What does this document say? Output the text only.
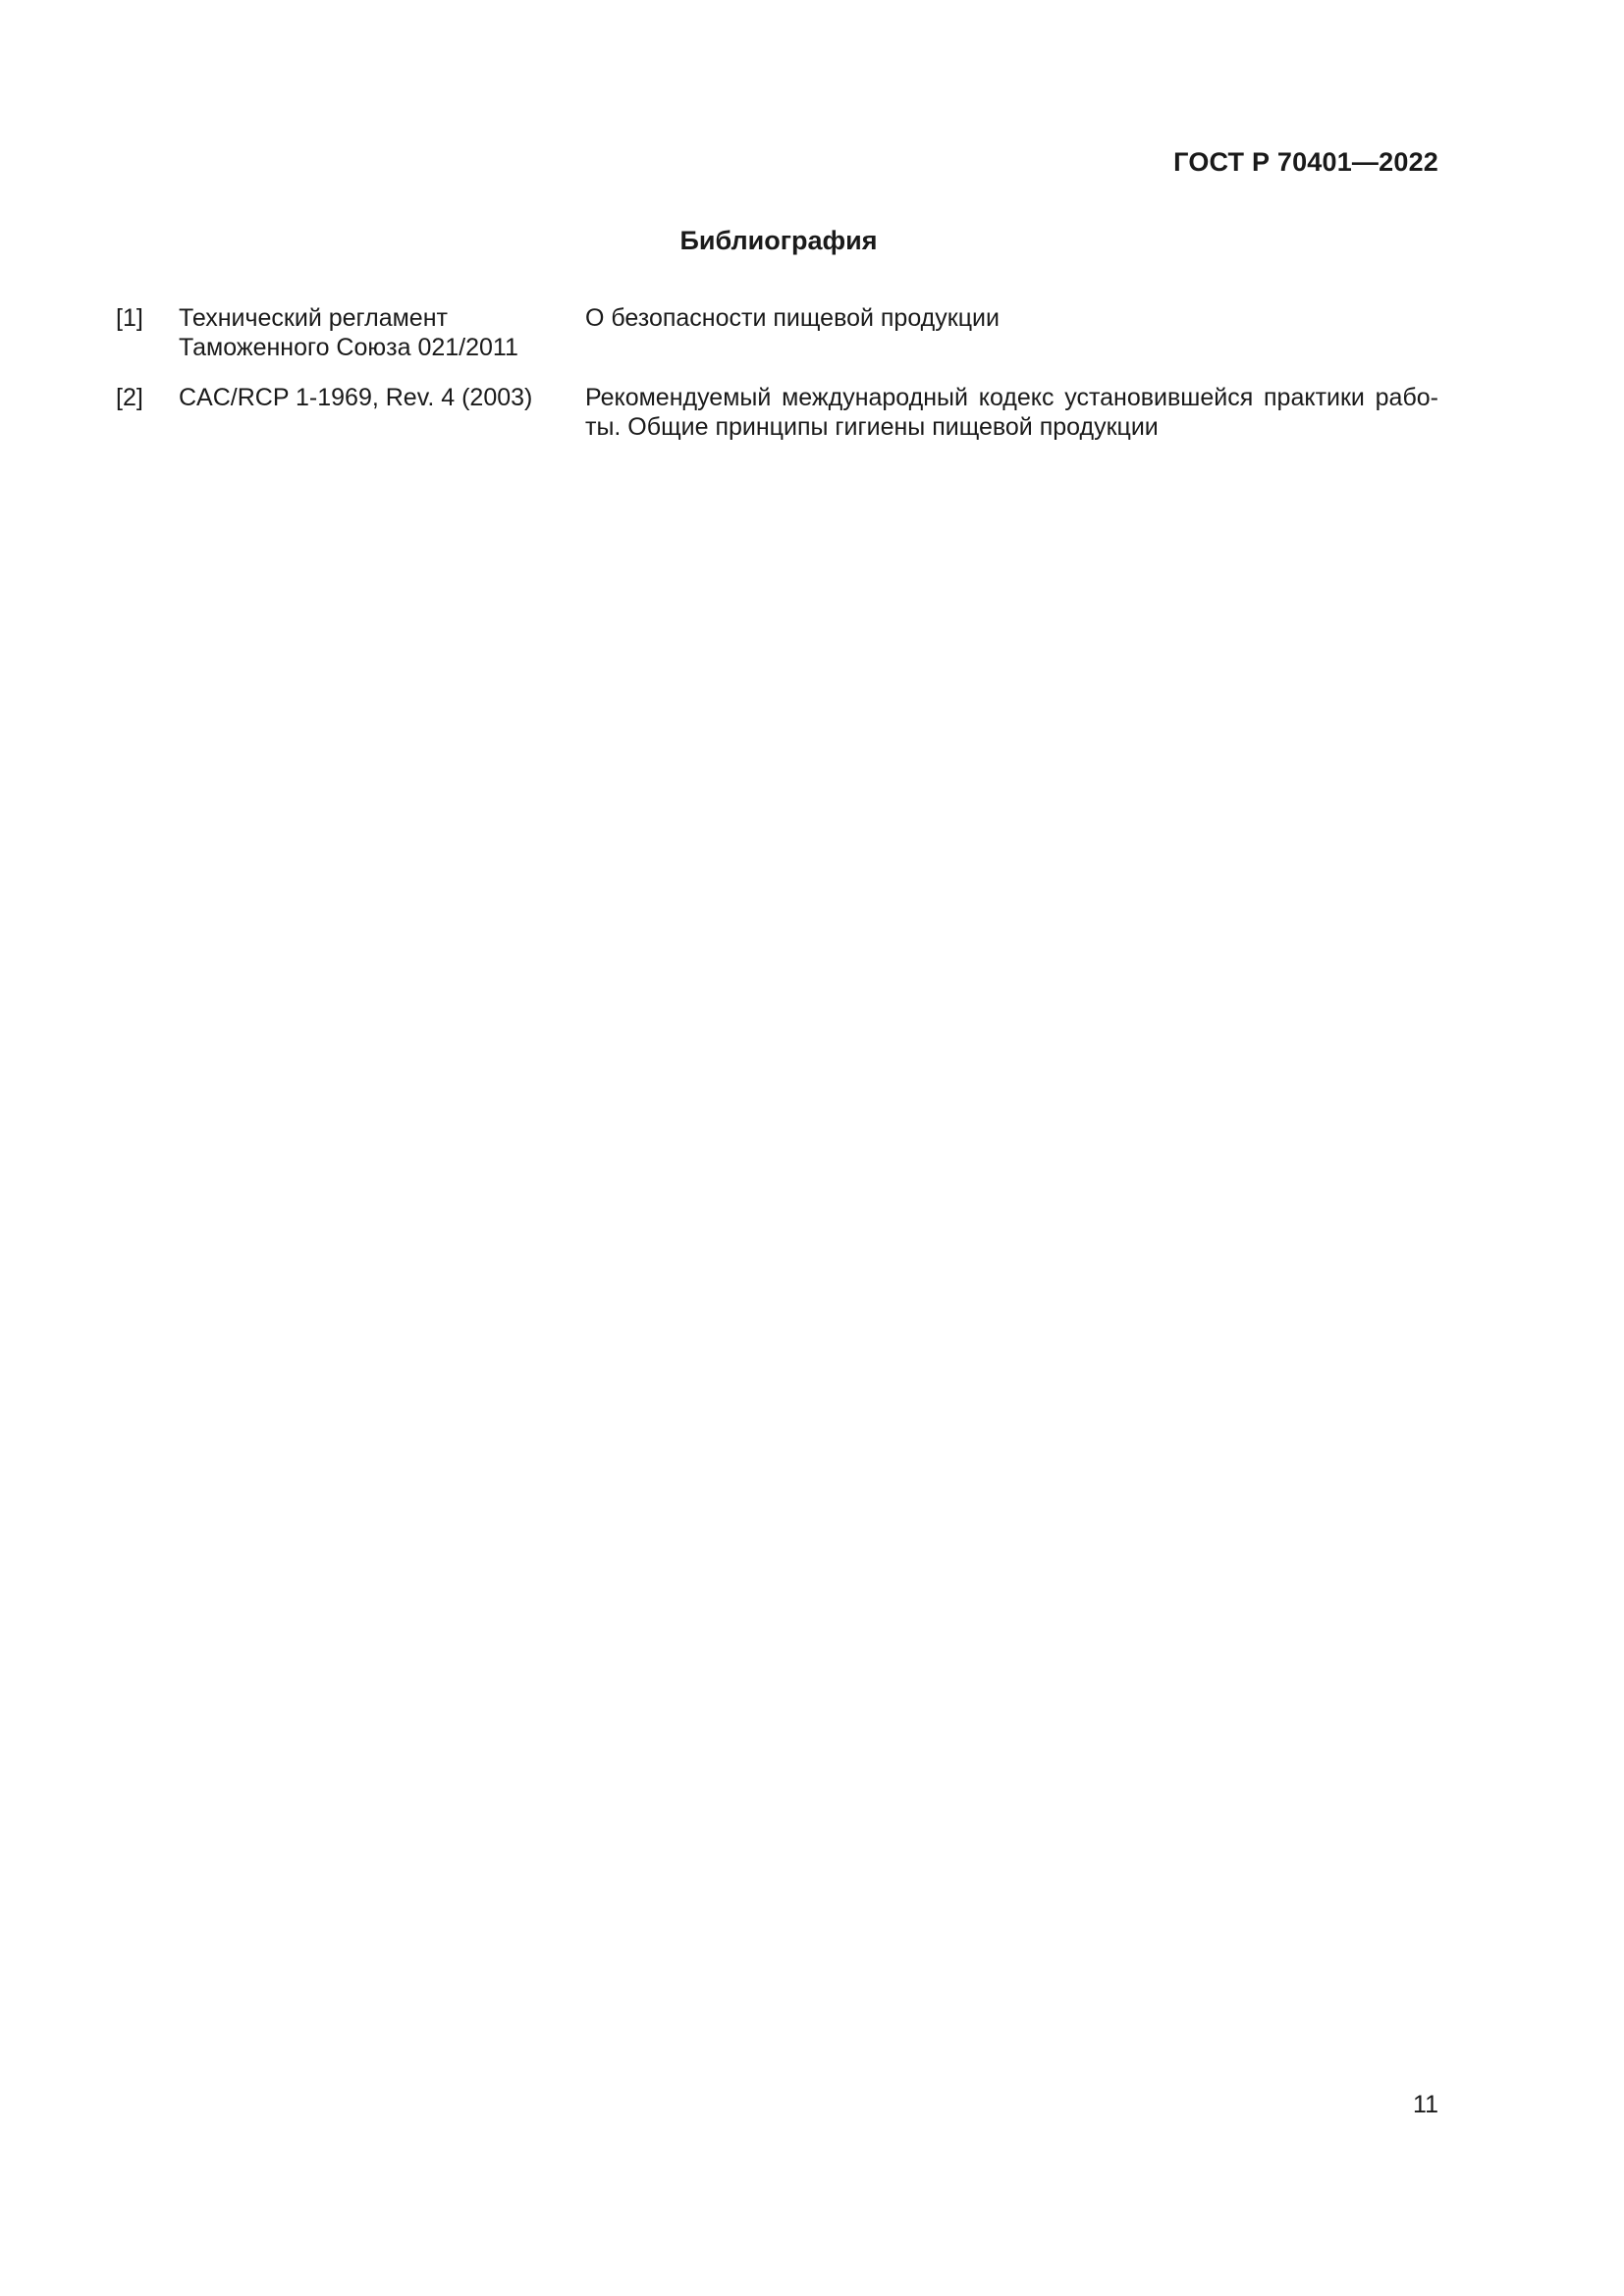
ГОСТ Р 70401—2022
Библиография
[1] Технический регламент
Таможенного Союза 021/2011
О безопасности пищевой продукции
[2] CAC/RCP 1-1969, Rev. 4 (2003)	Рекомендуемый международный кодекс установившейся практики рабо-ты. Общие принципы гигиены пищевой продукции
11
